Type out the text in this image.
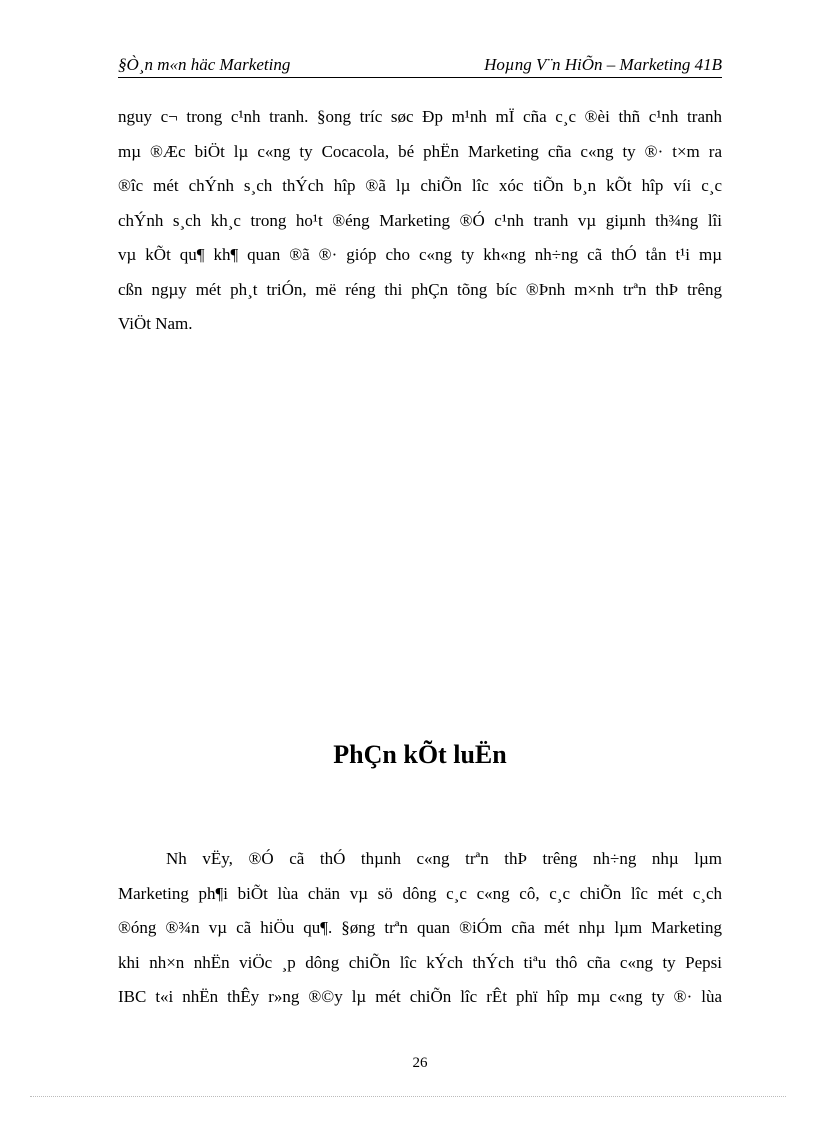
§Ò¸n m«n häc Marketing	Hoµng V¨n HiÕn – Marketing 41B
nguy c¬ trong c¹nh tranh. §ong tríc søc Ðp m¹nh mÏ cña c¸c ®èi thñ c¹nh tranh
mµ ®Æc biÖt lµ c«ng ty Cocacola, bé phËn Marketing cña c«ng ty ®· t×m ra
®îc mét chÝnh s¸ch thÝch hîp ®ã lµ chiÕn lîc xóc tiÕn b¸n kÕt hîp víi c¸c
chÝnh s¸ch kh¸c trong ho¹t ®éng Marketing ®Ó c¹nh tranh vµ giµnh th¾ng lîi
vµ kÕt qu¶ kh¶ quan ®ã ®· gióp cho c«ng ty kh«ng nh÷ng cã thÓ tån t¹i mµ
cßn ngµy mét ph¸t triÓn, më réng thi phÇn tõng bíc ®Þnh m×nh trªn thÞ trêng
ViÖt Nam.
PhÇn kÕt luËn
Nh vËy, ®Ó cã thÓ thµnh c«ng trªn thÞ trêng nh÷ng nhµ lµm
Marketing ph¶i biÕt lùa chän vµ sö dông c¸c c«ng cô, c¸c chiÕn lîc mét c¸ch
®óng ®¾n vµ cã hiÖu qu¶. §øng trªn quan ®iÓm cña mét nhµ lµm Marketing
khi nh×n nhËn viÖc ¸p dông chiÕn lîc kÝch thÝch tiªu thô cña c«ng ty Pepsi
IBC t«i nhËn thÊy r»ng ®©y lµ mét chiÕn lîc rÊt phï hîp mµ c«ng ty ®· lùa
26
